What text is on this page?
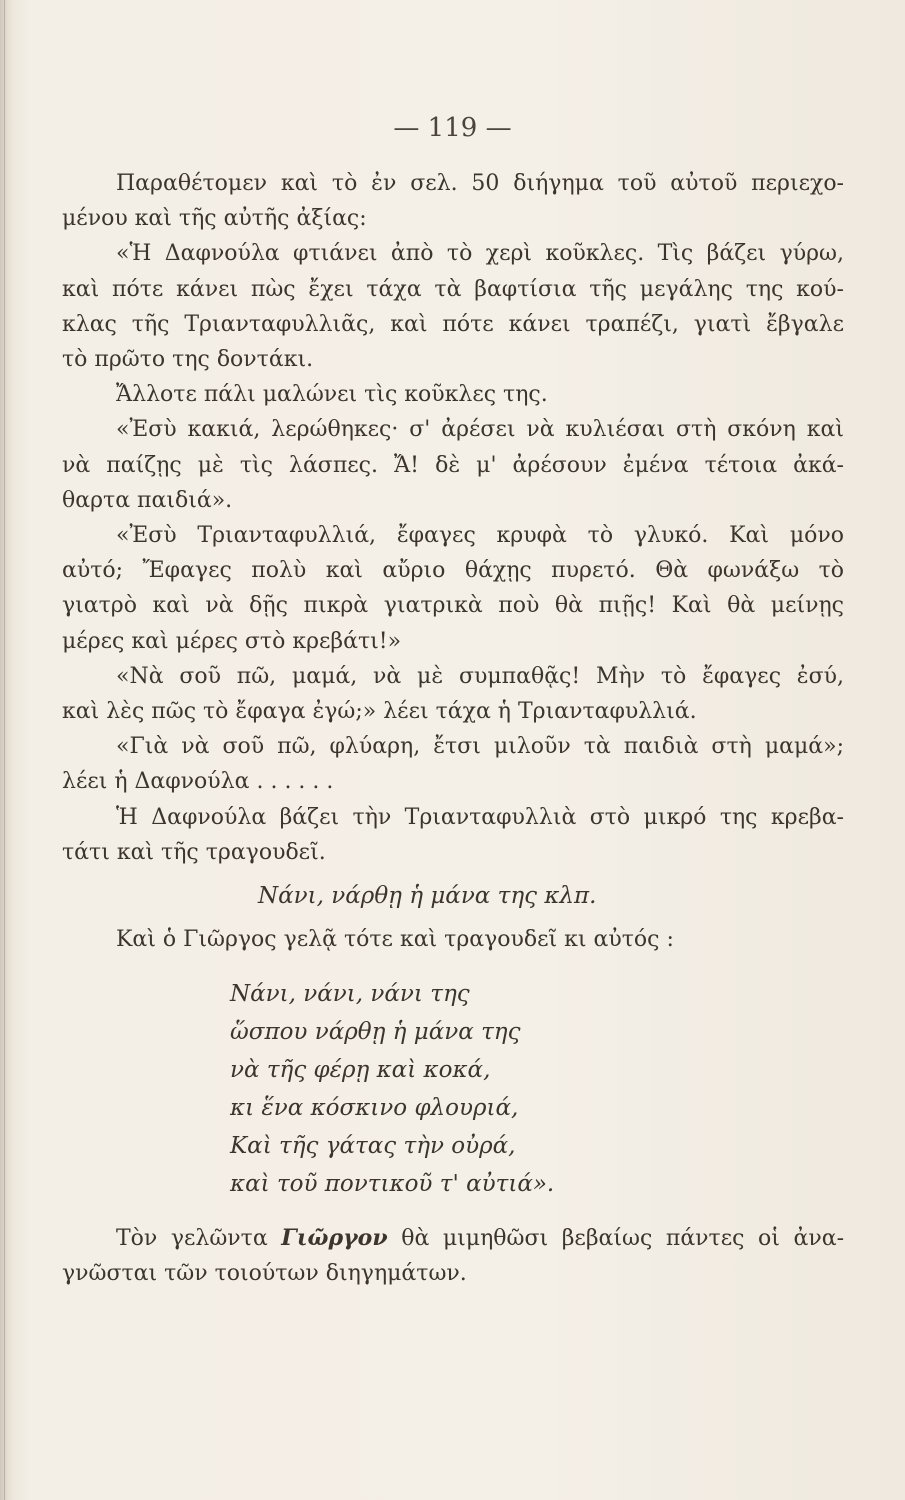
— 119 —
Παραθέτομεν καὶ τὸ ἐν σελ. 50 διήγημα τοῦ αὐτοῦ περιεχο-
μένου καὶ τῆς αὐτῆς ἀξίας:
«Ἡ Δαφνούλα φτιάνει ἀπὸ τὸ χερὶ κοῦκλες. Τὶς βάζει γύρω,
καὶ πότε κάνει πὼς ἔχει τάχα τὰ βαφτίσια τῆς μεγάλης της κού-
κλας τῆς Τριανταφυλλιᾶς, καὶ πότε κάνει τραπέζι, γιατὶ ἔβγαλε
τὸ πρῶτο της δοντάκι.
Ἄλλοτε πάλι μαλώνει τὶς κοῦκλες της.
«Ἐσὺ κακιά, λερώθηκες· σ' ἀρέσει νὰ κυλιέσαι στὴ σκόνη καὶ
νὰ παίζῃς μὲ τὶς λάσπες. Ἄ! δὲ μ' ἀρέσουν ἐμένα τέτοια ἀκά-
θαρτα παιδιά».
«Ἐσὺ Τριανταφυλλιά, ἔφαγες κρυφὰ τὸ γλυκό. Καὶ μόνο
αὐτό; Ἔφαγες πολὺ καὶ αὔριο θάχῃς πυρετό. Θὰ φωνάξω τὸ
γιατρὸ καὶ νὰ δῇς πικρὰ γιατρικὰ ποὺ θὰ πιῇς! Καὶ θὰ μείνῃς
μέρες καὶ μέρες στὸ κρεβάτι!»
«Νὰ σοῦ πῶ, μαμά, νὰ μὲ συμπαθᾷς! Μὴν τὸ ἔφαγες ἐσύ,
καὶ λὲς πῶς τὸ ἔφαγα ἐγώ;» λέει τάχα ἡ Τριανταφυλλιά.
«Γιὰ νὰ σοῦ πῶ, φλύαρη, ἔτσι μιλοῦν τὰ παιδιὰ στὴ μαμά»;
λέει ἡ Δαφνούλα . . . . . .
Ἡ Δαφνούλα βάζει τὴν Τριανταφυλλιὰ στὸ μικρό της κρεβα-
τάτι καὶ τῆς τραγουδεῖ.
Νάνι, νάρθῃ ἡ μάνα της κλπ.
Καὶ ὁ Γιῶργος γελᾷ τότε καὶ τραγουδεῖ κι αὐτός :
Νάνι, νάνι, νάνι της
ὥσπου νάρθῃ ἡ μάνα της
νὰ τῆς φέρῃ καὶ κοκά,
κι ἕνα κόσκινο φλουριά,
Καὶ τῆς γάτας τὴν οὐρά,
καὶ τοῦ ποντικοῦ τ' αὐτιά».
Τὸν γελῶντα Γιῶργον θὰ μιμηθῶσι βεβαίως πάντες οἱ ἀνα-
γνῶσται τῶν τοιούτων διηγημάτων.
